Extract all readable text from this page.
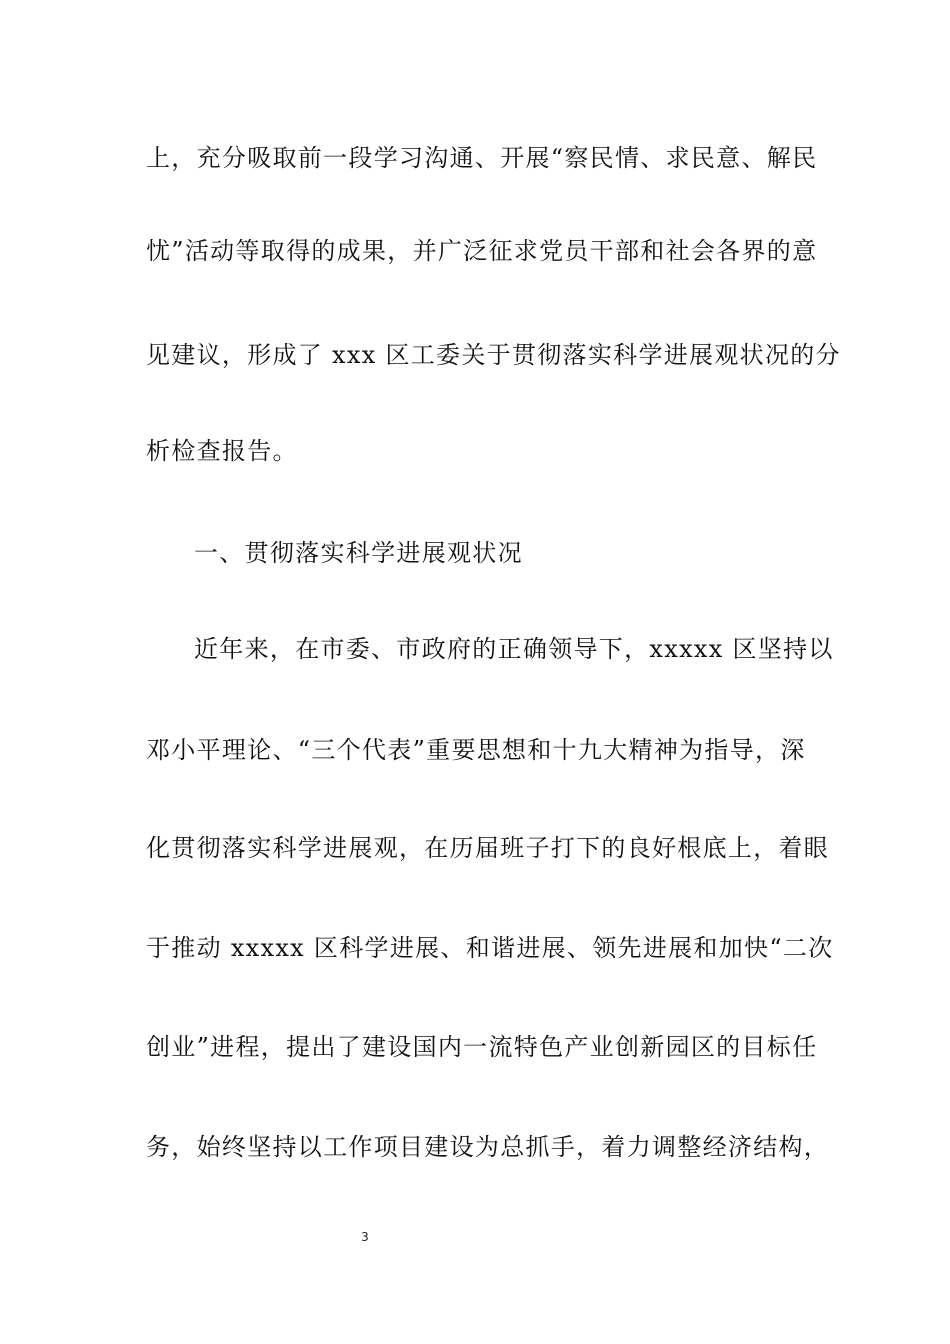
上，充分吸取前一段学习沟通、开展“察民情、求民意、解民
忧”活动等取得的成果，并广泛征求党员干部和社会各界的意
见建议，形成了 xxx 区工委关于贯彻落实科学进展观状况的分
析检查报告。
一、贯彻落实科学进展观状况
近年来，在市委、市政府的正确领导下，xxxxx 区坚持以
邓小平理论、“三个代表”重要思想和十九大精神为指导，深
化贯彻落实科学进展观，在历届班子打下的良好根底上，着眼
于推动 xxxxx 区科学进展、和谐进展、领先进展和加快“二次
创业”进程，提出了建设国内一流特色产业创新园区的目标任
务，始终坚持以工作项目建设为总抓手，着力调整经济结构，
3
